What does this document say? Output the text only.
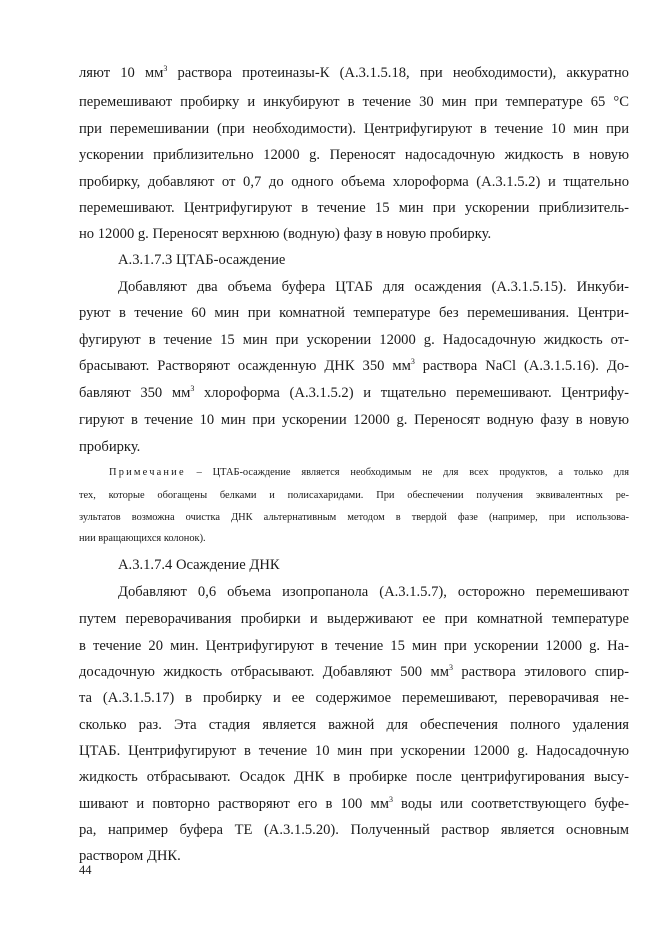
ляют 10 $мм^3$ раствора протеиназы-К (А.3.1.5.18, при необходимости), аккуратно
перемешивают пробирку и инкубируют в течение 30 мин при температуре 65 °С
при перемешивании (при необходимости). Центрифугируют в течение 10 мин при
ускорении приблизительно 12000 g. Переносят надосадочную жидкость в новую
пробирку, добавляют от 0,7 до одного объема хлороформа (А.3.1.5.2) и тщательно
перемешивают. Центрифугируют в течение 15 мин при ускорении приблизитель-
но 12000 g. Переносят верхнюю (водную) фазу в новую пробирку.
А.3.1.7.3 ЦТАБ-осаждение
Добавляют два объема буфера ЦТАБ для осаждения (А.3.1.5.15). Инкуби-
руют в течение 60 мин при комнатной температуре без перемешивания. Центри-
фугируют в течение 15 мин при ускорении 12000 g. Надосадочную жидкость от-
брасывают. Растворяют осажденную ДНК 350 $мм^3$ раствора NaCl (А.3.1.5.16). До-
бавляют 350 $мм^3$ хлороформа (А.3.1.5.2) и тщательно перемешивают. Центрифу-
гируют в течение 10 мин при ускорении 12000 g. Переносят водную фазу в новую
пробирку.
Примечание – ЦТАБ-осаждение является необходимым не для всех продуктов, а только для
тех, которые обогащены белками и полисахаридами. При обеспечении получения эквивалентных ре-
зультатов возможна очистка ДНК альтернативным методом в твердой фазе (например, при использова-
нии вращающихся колонок).
А.3.1.7.4 Осаждение ДНК
Добавляют 0,6 объема изопропанола (А.3.1.5.7), осторожно перемешивают
путем переворачивания пробирки и выдерживают ее при комнатной температуре
в течение 20 мин. Центрифугируют в течение 15 мин при ускорении 12000 g. На-
досадочную жидкость отбрасывают. Добавляют 500 $мм^3$ раствора этилового спир-
та (А.3.1.5.17) в пробирку и ее содержимое перемешивают, переворачивая не-
сколько раз. Эта стадия является важной для обеспечения полного удаления
ЦТАБ. Центрифугируют в течение 10 мин при ускорении 12000 g. Надосадочную
жидкость отбрасывают. Осадок ДНК в пробирке после центрифугирования высу-
шивают и повторно растворяют его в 100 $мм^3$ воды или соответствующего буфе-
ра, например буфера ТЕ (А.3.1.5.20). Полученный раствор является основным
раствором ДНК.
44
